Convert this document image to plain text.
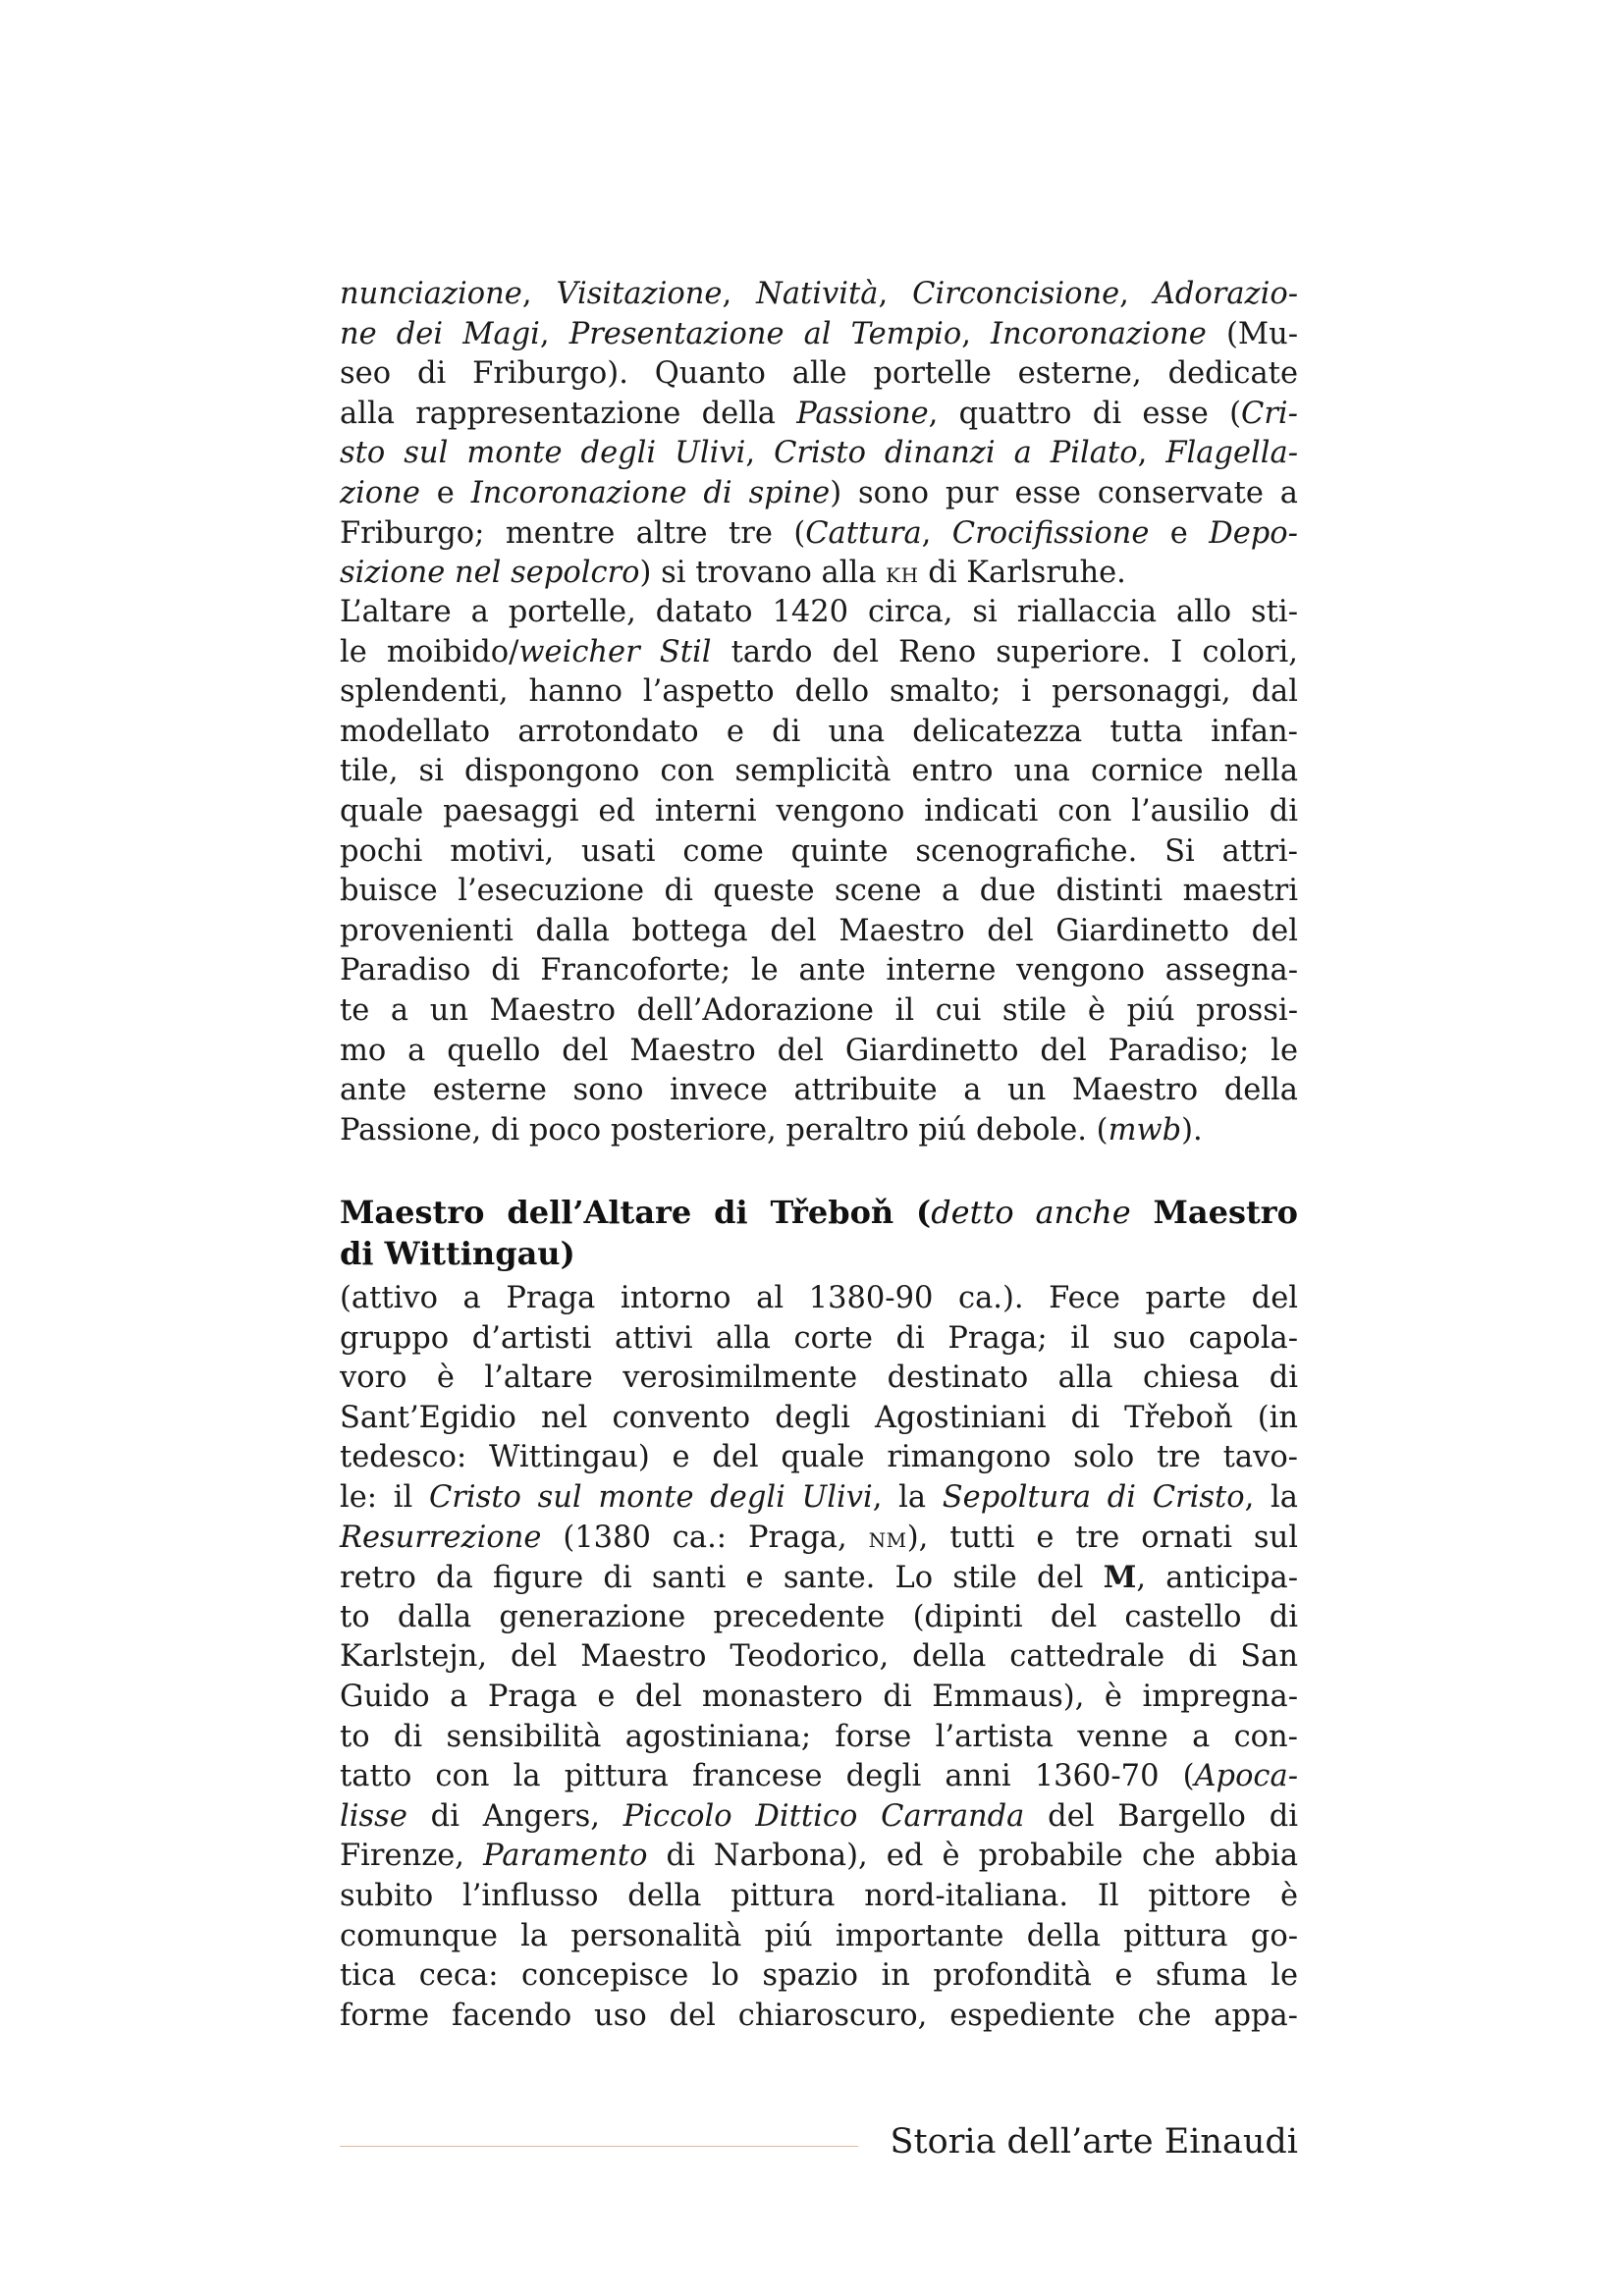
nunciazione, Visitazione, Natività, Circoncisione, Adorazio-
ne dei Magi, Presentazione al Tempio, Incoronazione (Mu-
seo di Friburgo). Quanto alle portelle esterne, dedicate
alla rappresentazione della Passione, quattro di esse (Cri-
sto sul monte degli Ulivi, Cristo dinanzi a Pilato, Flagella-
zione e Incoronazione di spine) sono pur esse conservate a
Friburgo; mentre altre tre (Cattura, Crocifissione e Depo-
sizione nel sepolcro) si trovano alla kh di Karlsruhe.
L’altare a portelle, datato 1420 circa, si riallaccia allo sti-
le moibido/weicher Stil tardo del Reno superiore. I colori,
splendenti, hanno l’aspetto dello smalto; i personaggi, dal
modellato arrotondato e di una delicatezza tutta infan-
tile, si dispongono con semplicità entro una cornice nella
quale paesaggi ed interni vengono indicati con l’ausilio di
pochi motivi, usati come quinte scenografiche. Si attri-
buisce l’esecuzione di queste scene a due distinti maestri
provenienti dalla bottega del Maestro del Giardinetto del
Paradiso di Francoforte; le ante interne vengono assegna-
te a un Maestro dell’Adorazione il cui stile è piú prossi-
mo a quello del Maestro del Giardinetto del Paradiso; le
ante esterne sono invece attribuite a un Maestro della
Passione, di poco posteriore, peraltro piú debole. (mwb).
Maestro dell’Altare di Třeboň (detto anche Maestro
di Wittingau)
(attivo a Praga intorno al 1380-90 ca.). Fece parte del
gruppo d’artisti attivi alla corte di Praga; il suo capola-
voro è l’altare verosimilmente destinato alla chiesa di
Sant’Egidio nel convento degli Agostiniani di Třeboň (in
tedesco: Wittingau) e del quale rimangono solo tre tavo-
le: il Cristo sul monte degli Ulivi, la Sepoltura di Cristo, la
Resurrezione (1380 ca.: Praga, nm), tutti e tre ornati sul
retro da figure di santi e sante. Lo stile del M, anticipa-
to dalla generazione precedente (dipinti del castello di
Karlstejn, del Maestro Teodorico, della cattedrale di San
Guido a Praga e del monastero di Emmaus), è impregna-
to di sensibilità agostiniana; forse l’artista venne a con-
tatto con la pittura francese degli anni 1360-70 (Apoca-
lisse di Angers, Piccolo Dittico Carranda del Bargello di
Firenze, Paramento di Narbona), ed è probabile che abbia
subito l’influsso della pittura nord-italiana. Il pittore è
comunque la personalità piú importante della pittura go-
tica ceca: concepisce lo spazio in profondità e sfuma le
forme facendo uso del chiaroscuro, espediente che appa-
Storia dell’arte Einaudi
